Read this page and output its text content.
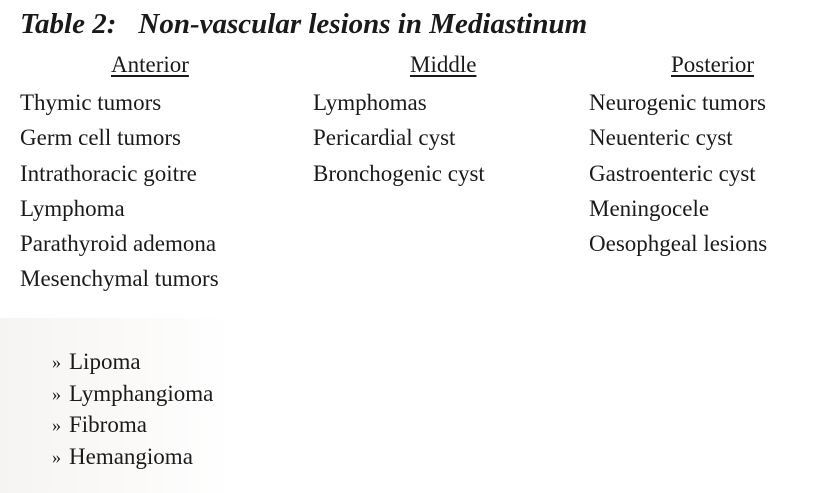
Table 2: Non-vascular lesions in Mediastinum
Anterior	Middle	Posterior
Thymic tumors
Germ cell tumors
Intrathoracic goitre
Lymphoma
Parathyroid ademona
Mesenchymal tumors
Lymphomas
Pericardial cyst
Bronchogenic cyst
Neurogenic tumors
Neuenteric cyst
Gastroenteric cyst
Meningocele
Oesophgeal lesions
» Lipoma
» Lymphangioma
» Fibroma
» Hemangioma
